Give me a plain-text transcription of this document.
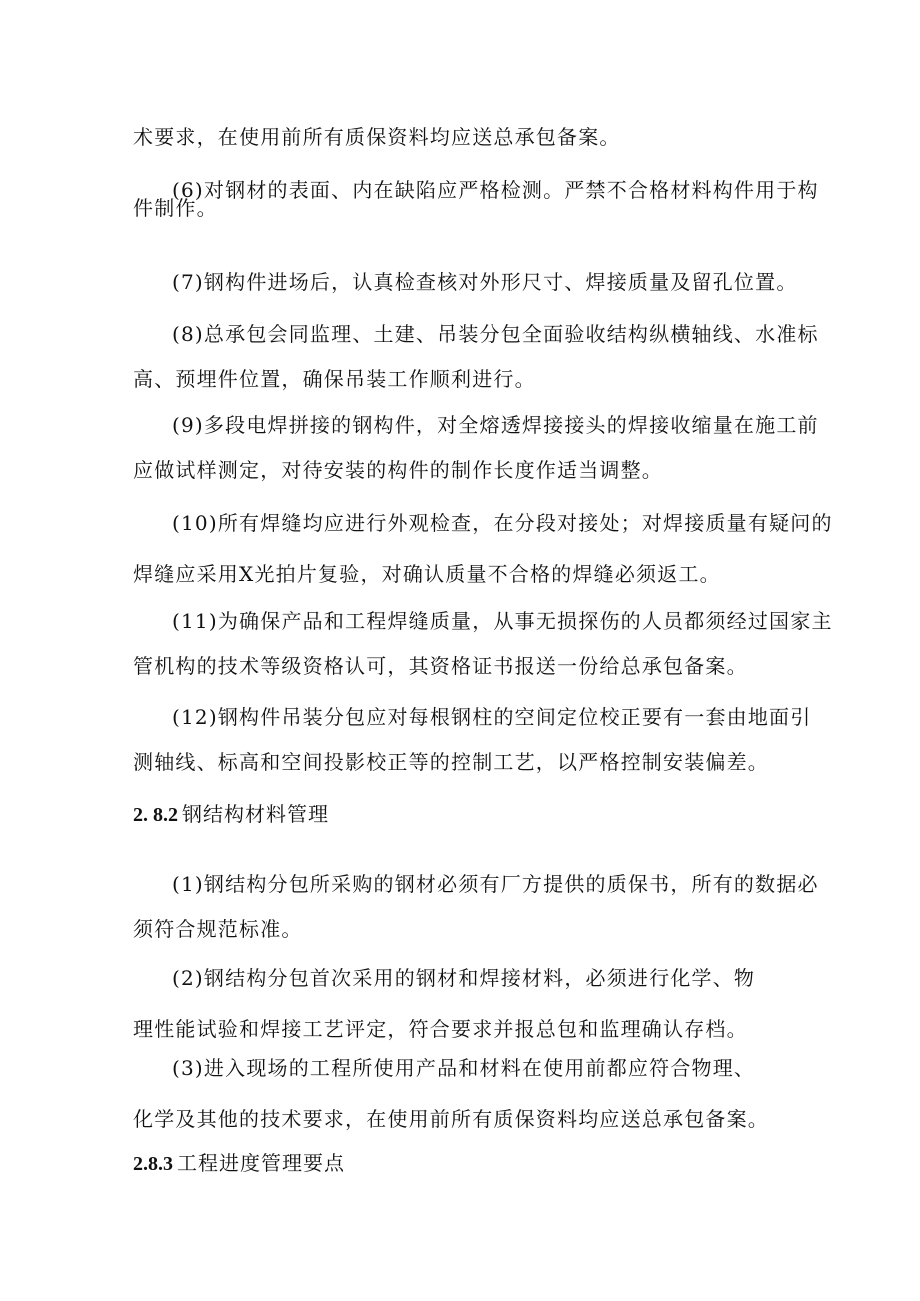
术要求，在使用前所有质保资料均应送总承包备案。
(6)对钢材的表面、内在缺陷应严格检测。严禁不合格材料构件用于构
件制作。
(7)钢构件进场后，认真检查核对外形尺寸、焊接质量及留孔位置。
(8)总承包会同监理、土建、吊装分包全面验收结构纵横轴线、水准标
高、预埋件位置，确保吊装工作顺利进行。
(9)多段电焊拼接的钢构件，对全熔透焊接接头的焊接收缩量在施工前
应做试样测定，对待安装的构件的制作长度作适当调整。
(10)所有焊缝均应进行外观检查，在分段对接处；对焊接质量有疑问的
焊缝应采用X光拍片复验，对确认质量不合格的焊缝必须返工。
(11)为确保产品和工程焊缝质量，从事无损探伤的人员都须经过国家主
管机构的技术等级资格认可，其资格证书报送一份给总承包备案。
(12)钢构件吊装分包应对每根钢柱的空间定位校正要有一套由地面引
测轴线、标高和空间投影校正等的控制工艺，以严格控制安装偏差。
2. 8.2 钢结构材料管理
(1)钢结构分包所采购的钢材必须有厂方提供的质保书，所有的数据必
须符合规范标准。
(2)钢结构分包首次采用的钢材和焊接材料，必须进行化学、物
理性能试验和焊接工艺评定，符合要求并报总包和监理确认存档。
(3)进入现场的工程所使用产品和材料在使用前都应符合物理、
化学及其他的技术要求，在使用前所有质保资料均应送总承包备案。
2.8.3 工程进度管理要点
